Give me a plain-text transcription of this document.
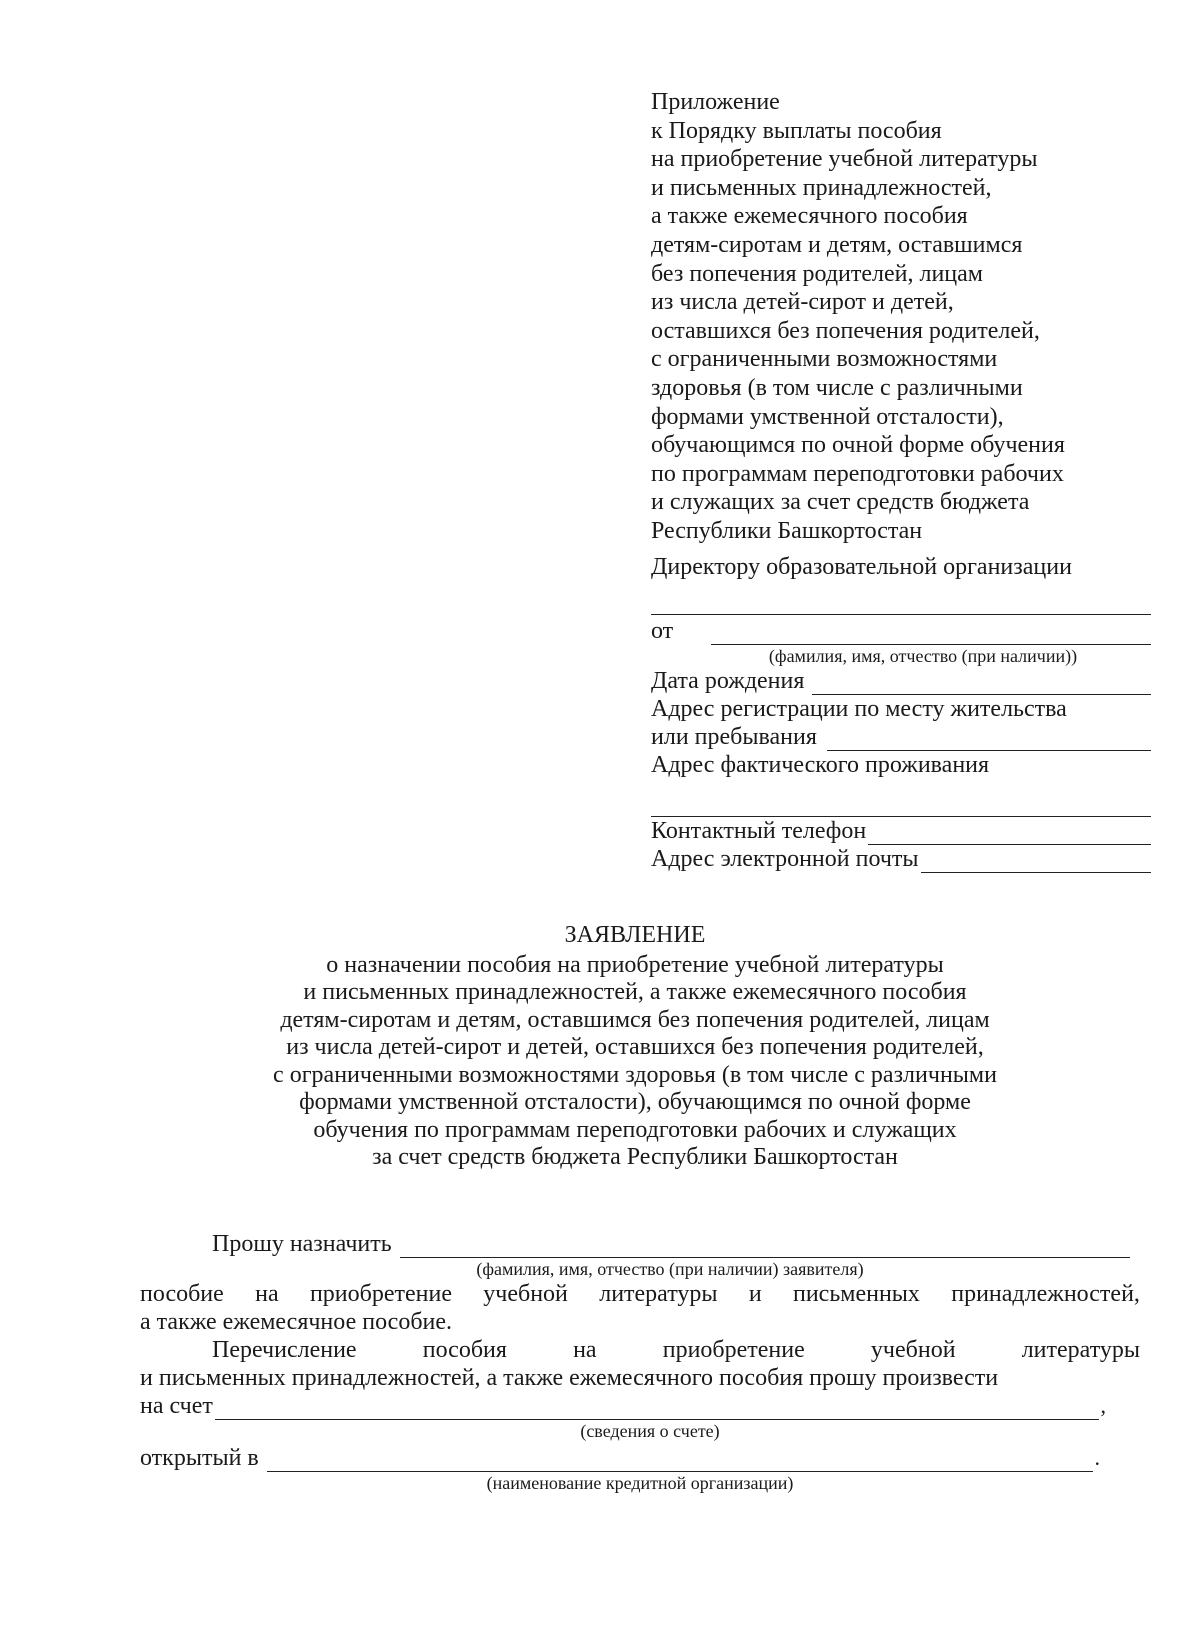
Приложение
к Порядку выплаты пособия
на приобретение учебной литературы
и письменных принадлежностей,
а также ежемесячного пособия
детям-сиротам и детям, оставшимся
без попечения родителей, лицам
из числа детей-сирот и детей,
оставшихся без попечения родителей,
с ограниченными возможностями
здоровья (в том числе с различными
формами умственной отсталости),
обучающимся по очной форме обучения
по программам переподготовки рабочих
и служащих за счет средств бюджета
Республики Башкортостан
Директору образовательной организации
от
(фамилия, имя, отчество (при наличии))
Дата рождения
Адрес регистрации по месту жительства
или пребывания
Адрес фактического проживания
Контактный телефон
Адрес электронной почты
ЗАЯВЛЕНИЕ
о назначении пособия на приобретение учебной литературы
и письменных принадлежностей, а также ежемесячного пособия
детям-сиротам и детям, оставшимся без попечения родителей, лицам
из числа детей-сирот и детей, оставшихся без попечения родителей,
с ограниченными возможностями здоровья (в том числе с различными
формами умственной отсталости), обучающимся по очной форме
обучения по программам переподготовки рабочих и служащих
за счет средств бюджета Республики Башкортостан
Прошу назначить
(фамилия, имя, отчество (при наличии) заявителя)
пособие на приобретение учебной литературы и письменных принадлежностей,
а также ежемесячное пособие.
Перечисление	пособия	на	приобретение	учебной	литературы
и письменных принадлежностей, а также ежемесячного пособия прошу произвести
на счет	,
(сведения о счете)
открытый в	.
(наименование кредитной организации)
